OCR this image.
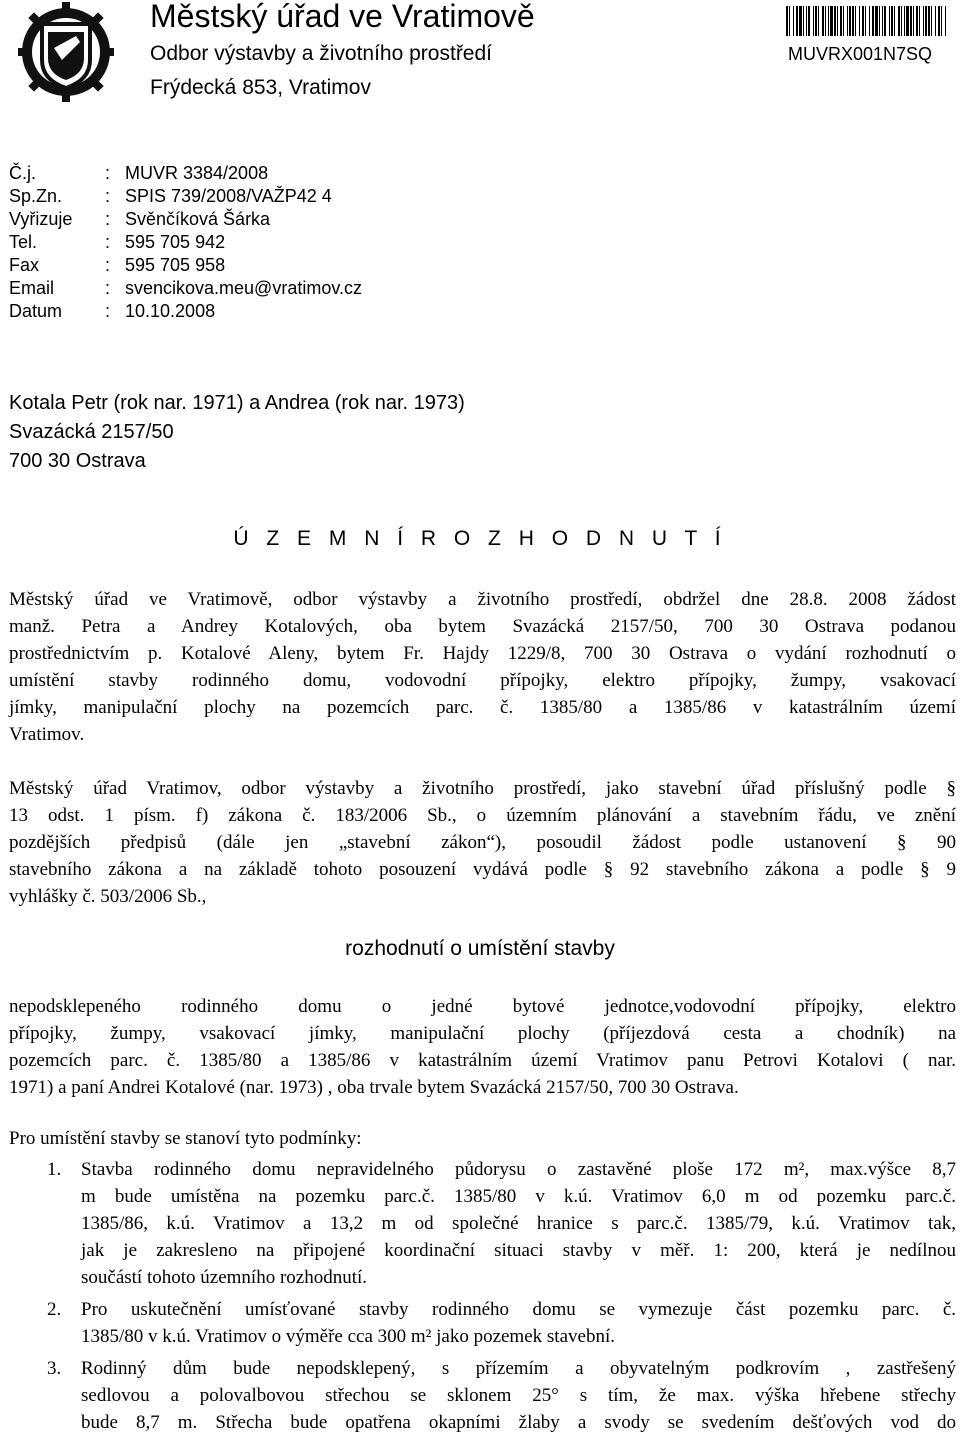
Městský úřad ve Vratimově
Odbor výstavby a životního prostředí
Frýdecká 853, Vratimov
MUVRX001N7SQ
Č.j.	: MUVR 3384/2008
Sp.Zn.	: SPIS 739/2008/VAŽP42 4
Vyřizuje	: Svěnčíková Šárka
Tel.	: 595 705 942
Fax	: 595 705 958
Email	: svencikova.meu@vratimov.cz
Datum	: 10.10.2008
Kotala Petr (rok nar. 1971) a Andrea (rok nar. 1973)
Svazácká 2157/50
700 30 Ostrava
Ú Z E M N Í R O Z H O D N U T Í
Městský úřad ve Vratimově, odbor výstavby a životního prostředí, obdržel dne 28.8. 2008 žádost
manž. Petra a Andrey Kotalových, oba bytem Svazácká 2157/50, 700 30 Ostrava podanou
prostřednictvím p. Kotalové Aleny, bytem Fr. Hajdy 1229/8, 700 30 Ostrava o vydání rozhodnutí o
umístění stavby rodinného domu, vodovodní přípojky, elektro přípojky, žumpy, vsakovací
jímky, manipulační plochy na pozemcích parc. č. 1385/80 a 1385/86 v katastrálním území
Vratimov.
Městský úřad Vratimov, odbor výstavby a životního prostředí, jako stavební úřad příslušný podle §
13 odst. 1 písm. f) zákona č. 183/2006 Sb., o územním plánování a stavebním řádu, ve znění
pozdějších předpisů (dále jen „stavební zákon“), posoudil žádost podle ustanovení § 90
stavebního zákona a na základě tohoto posouzení vydává podle § 92 stavebního zákona a podle § 9
vyhlášky č. 503/2006 Sb.,
rozhodnutí o umístění stavby
nepodsklepeného rodinného domu o jedné bytové jednotce,vodovodní přípojky, elektro
přípojky, žumpy, vsakovací jímky, manipulační plochy (příjezdová cesta a chodník) na
pozemcích parc. č. 1385/80 a 1385/86 v katastrálním území Vratimov panu Petrovi Kotalovi ( nar.
1971) a paní Andrei Kotalové (nar. 1973) , oba trvale bytem Svazácká 2157/50, 700 30 Ostrava.
Pro umístění stavby se stanoví tyto podmínky:
1.	Stavba rodinného domu nepravidelného půdorysu o zastavěné ploše 172 m², max.výšce 8,7
m bude umístěna na pozemku parc.č. 1385/80 v k.ú. Vratimov 6,0 m od pozemku parc.č.
1385/86, k.ú. Vratimov a 13,2 m od společné hranice s parc.č. 1385/79, k.ú. Vratimov tak,
jak je zakresleno na připojené koordinační situaci stavby v měř. 1: 200, která je nedílnou
součástí tohoto územního rozhodnutí.
2.	Pro uskutečnění umísťované stavby rodinného domu se vymezuje část pozemku parc. č.
1385/80 v k.ú. Vratimov o výměře cca 300 m² jako pozemek stavební.
3.	Rodinný dům bude nepodsklepený, s přízemím a obyvatelným podkrovím , zastřešený
sedlovou a polovalbovou střechou se sklonem 25° s tím, že max. výška hřebene střechy
bude 8,7 m. Střecha bude opatřena okapními žlaby a svody se svedením dešťových vod do
